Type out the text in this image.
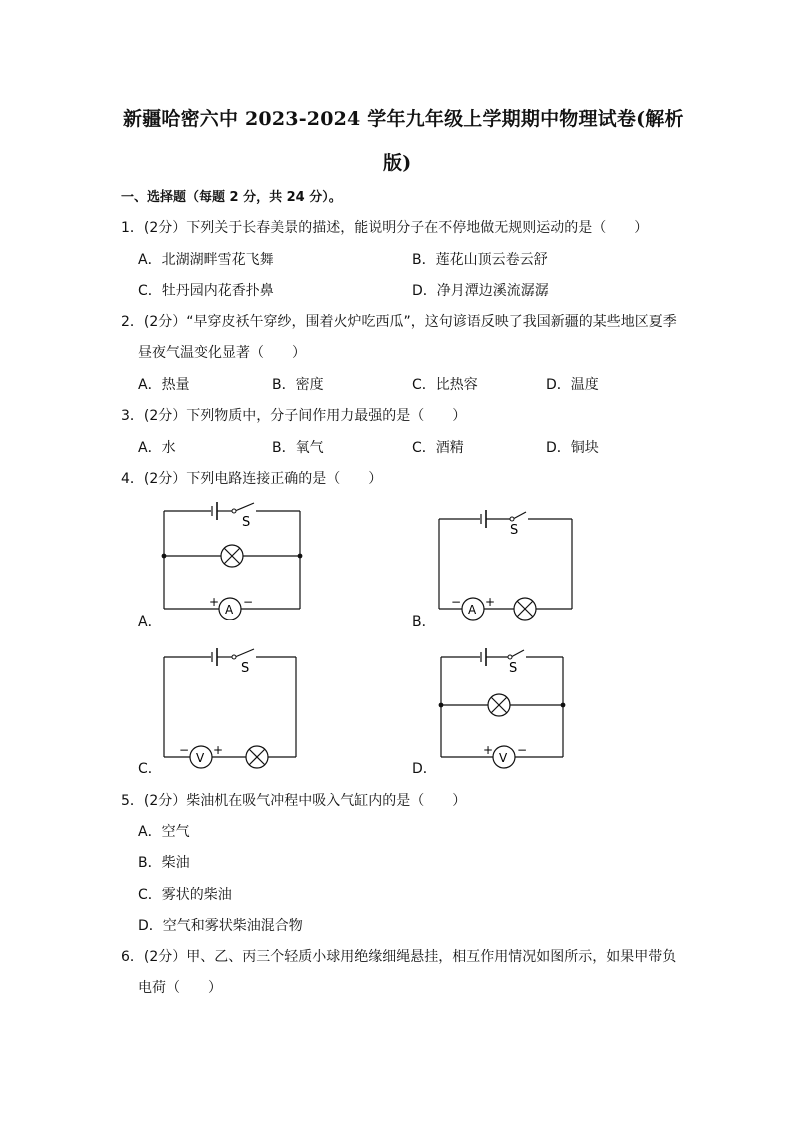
新疆哈密六中 2023-2024 学年九年级上学期期中物理试卷(解析
版)
一、选择题（每题 2 分，共 24 分）。
1．(2分）下列关于长春美景的描述，能说明分子在不停地做无规则运动的是（　　）
A．北湖湖畔雪花飞舞	B．莲花山顶云卷云舒
C．牡丹园内花香扑鼻	D．净月潭边溪流潺潺
2．(2分）“早穿皮袄午穿纱，围着火炉吃西瓜”，这句谚语反映了我国新疆的某些地区夏季
昼夜气温变化显著（　　）
A．热量	B．密度	C．比热容	D．温度
3．(2分）下列物质中，分子间作用力最强的是（　　）
A．水	B．氧气	C．酒精	D．铜块
4．(2分）下列电路连接正确的是（　　）
A．	B．
C．	D．
S
A
+ −
S
A
− +
S
V
− +
S
V
+ −
5．(2分）柴油机在吸气冲程中吸入气缸内的是（　　）
A．空气
B．柴油
C．雾状的柴油
D．空气和雾状柴油混合物
6．(2分）甲、乙、丙三个轻质小球用绝缘细绳悬挂，相互作用情况如图所示，如果甲带负
电荷（　　）
